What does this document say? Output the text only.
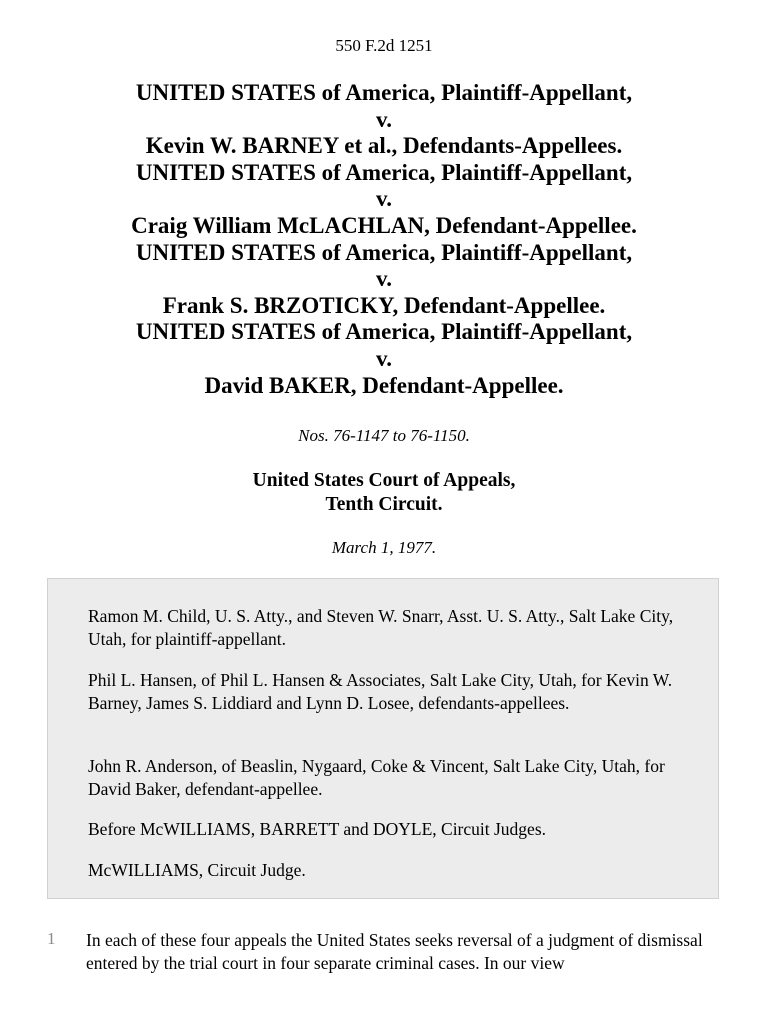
550 F.2d 1251
UNITED STATES of America, Plaintiff-Appellant,
v.
Kevin W. BARNEY et al., Defendants-Appellees.
UNITED STATES of America, Plaintiff-Appellant,
v.
Craig William McLACHLAN, Defendant-Appellee.
UNITED STATES of America, Plaintiff-Appellant,
v.
Frank S. BRZOTICKY, Defendant-Appellee.
UNITED STATES of America, Plaintiff-Appellant,
v.
David BAKER, Defendant-Appellee.
Nos. 76-1147 to 76-1150.
United States Court of Appeals,
Tenth Circuit.
March 1, 1977.

Ramon M. Child, U. S. Atty., and Steven W. Snarr, Asst. U. S. Atty., Salt Lake City, Utah, for plaintiff-appellant.

Phil L. Hansen, of Phil L. Hansen & Associates, Salt Lake City, Utah, for Kevin W. Barney, James S. Liddiard and Lynn D. Losee, defendants-appellees.

John R. Anderson, of Beaslin, Nygaard, Coke & Vincent, Salt Lake City, Utah, for David Baker, defendant-appellee.

Before McWILLIAMS, BARRETT and DOYLE, Circuit Judges.

McWILLIAMS, Circuit Judge.

1 In each of these four appeals the United States seeks reversal of a judgment of dismissal entered by the trial court in four separate criminal cases. In our view
